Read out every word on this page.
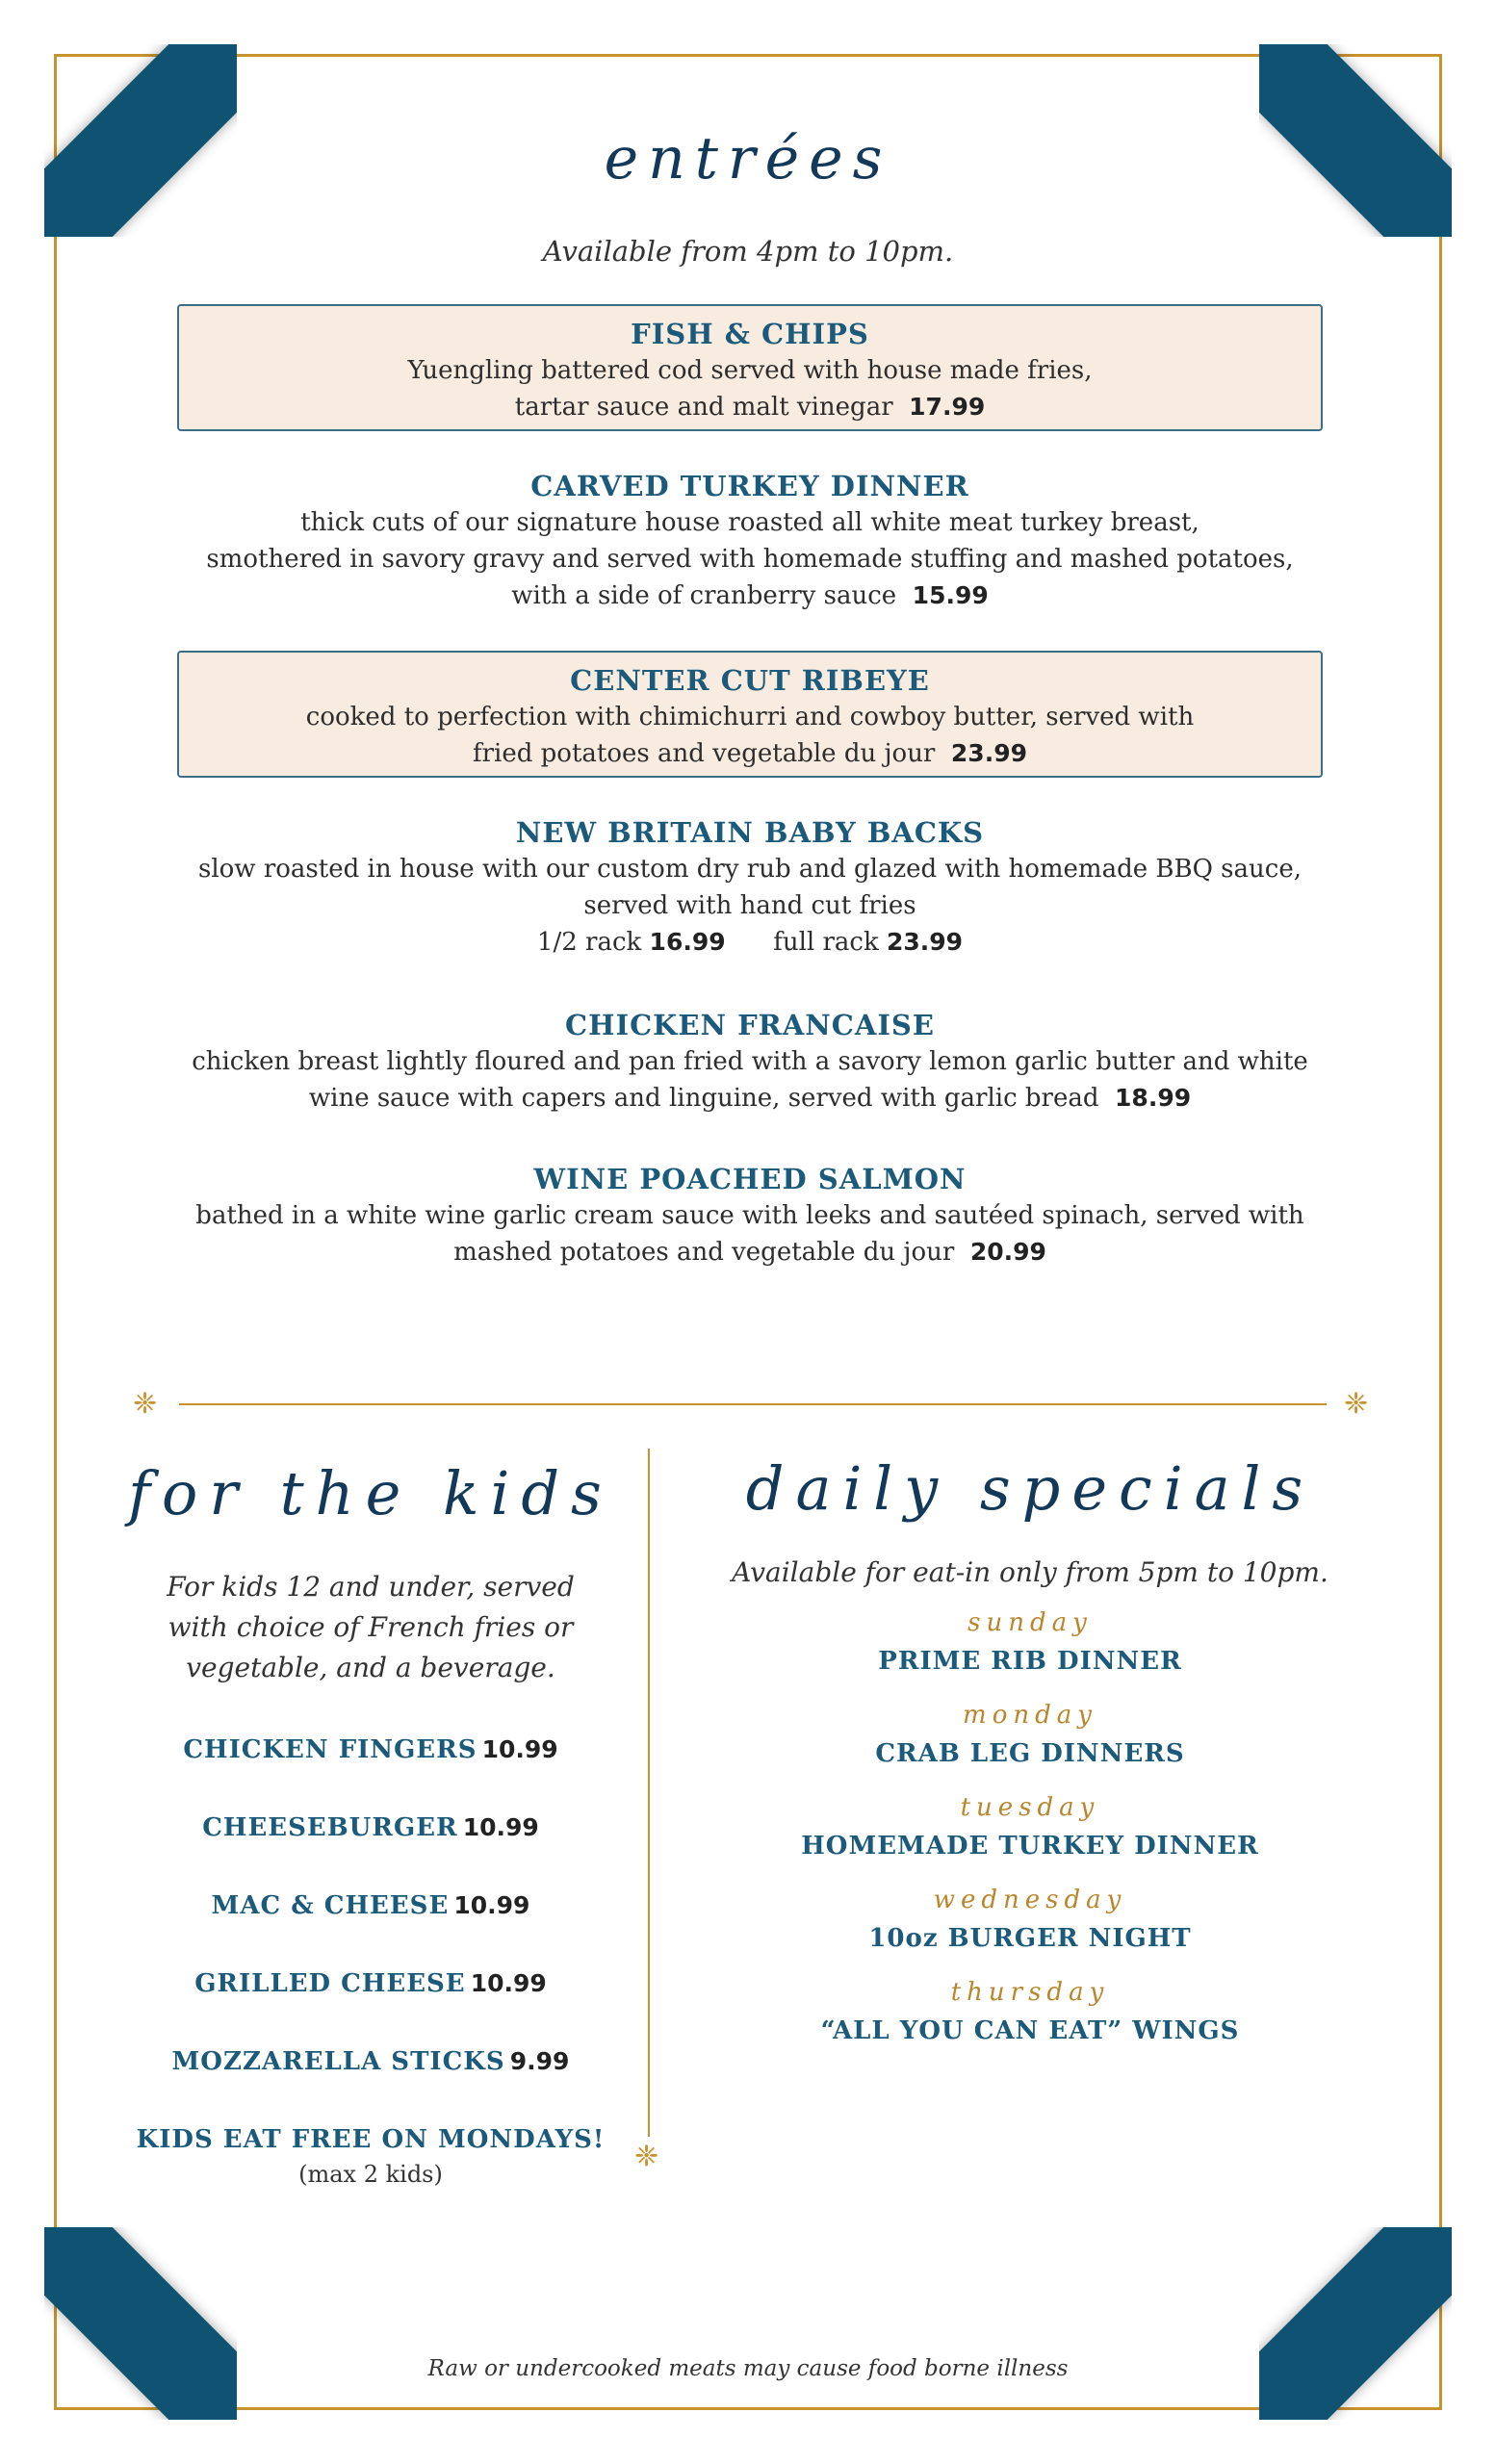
entrées
Available from 4pm to 10pm.
FISH & CHIPS
Yuengling battered cod served with house made fries,
tartar sauce and malt vinegar 17.99
CARVED TURKEY DINNER
thick cuts of our signature house roasted all white meat turkey breast,
smothered in savory gravy and served with homemade stuffing and mashed potatoes,
with a side of cranberry sauce 15.99
CENTER CUT RIBEYE
cooked to perfection with chimichurri and cowboy butter, served with
fried potatoes and vegetable du jour 23.99
NEW BRITAIN BABY BACKS
slow roasted in house with our custom dry rub and glazed with homemade BBQ sauce,
served with hand cut fries
1/2 rack 16.99 full rack 23.99
CHICKEN FRANCAISE
chicken breast lightly floured and pan fried with a savory lemon garlic butter and white
wine sauce with capers and linguine, served with garlic bread 18.99
WINE POACHED SALMON
bathed in a white wine garlic cream sauce with leeks and sautéed spinach, served with
mashed potatoes and vegetable du jour 20.99
❈	❈
❈
for the kids
For kids 12 and under, served
with choice of French fries or
vegetable, and a beverage.
CHICKEN FINGERS 10.99
CHEESEBURGER 10.99
MAC & CHEESE 10.99
GRILLED CHEESE 10.99
MOZZARELLA STICKS 9.99
KIDS EAT FREE ON MONDAYS!
(max 2 kids)
daily specials
Available for eat-in only from 5pm to 10pm.
sunday
PRIME RIB DINNER
monday
CRAB LEG DINNERS
tuesday
HOMEMADE TURKEY DINNER
wednesday
10oz BURGER NIGHT
thursday
“ALL YOU CAN EAT” WINGS
Raw or undercooked meats may cause food borne illness
